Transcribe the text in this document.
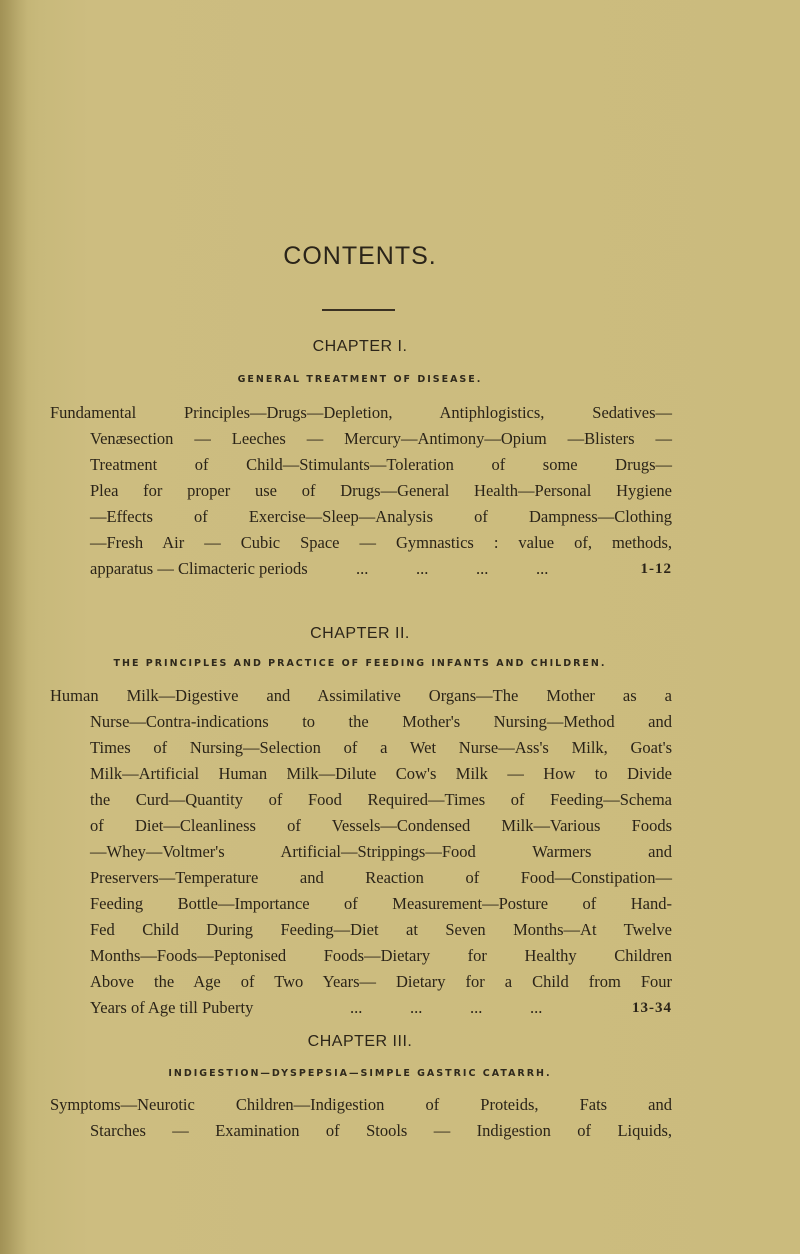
CONTENTS.
CHAPTER I.
GENERAL TREATMENT OF DISEASE.
Fundamental Principles—Drugs—Depletion, Antiphlogistics, Sedatives—
Venæsection — Leeches — Mercury—Antimony—Opium —Blisters —
Treatment of Child—Stimulants—Toleration of some Drugs—
Plea for proper use of Drugs—General Health—Personal Hygiene
—Effects of Exercise—Sleep—Analysis of Dampness—Clothing
—Fresh Air — Cubic Space — Gymnastics : value of, methods,
apparatus — Climacteric periods	...	...	...	...	1-12
CHAPTER II.
THE PRINCIPLES AND PRACTICE OF FEEDING INFANTS AND CHILDREN.
Human Milk—Digestive and Assimilative Organs—The Mother as a
Nurse—Contra-indications to the Mother's Nursing—Method and
Times of Nursing—Selection of a Wet Nurse—Ass's Milk, Goat's
Milk—Artificial Human Milk—Dilute Cow's Milk — How to Divide
the Curd—Quantity of Food Required—Times of Feeding—Schema
of Diet—Cleanliness of Vessels—Condensed Milk—Various Foods
—Whey—Voltmer's Artificial—Strippings—Food Warmers and
Preservers—Temperature and Reaction of Food—Constipation—
Feeding Bottle—Importance of Measurement—Posture of Hand-
Fed Child During Feeding—Diet at Seven Months—At Twelve
Months—Foods—Peptonised Foods—Dietary for Healthy Children
Above the Age of Two Years— Dietary for a Child from Four
Years of Age till Puberty	...	...	...	...	13-34
CHAPTER III.
INDIGESTION—DYSPEPSIA—SIMPLE GASTRIC CATARRH.
Symptoms—Neurotic Children—Indigestion of Proteids, Fats and
Starches — Examination of Stools — Indigestion of Liquids,
